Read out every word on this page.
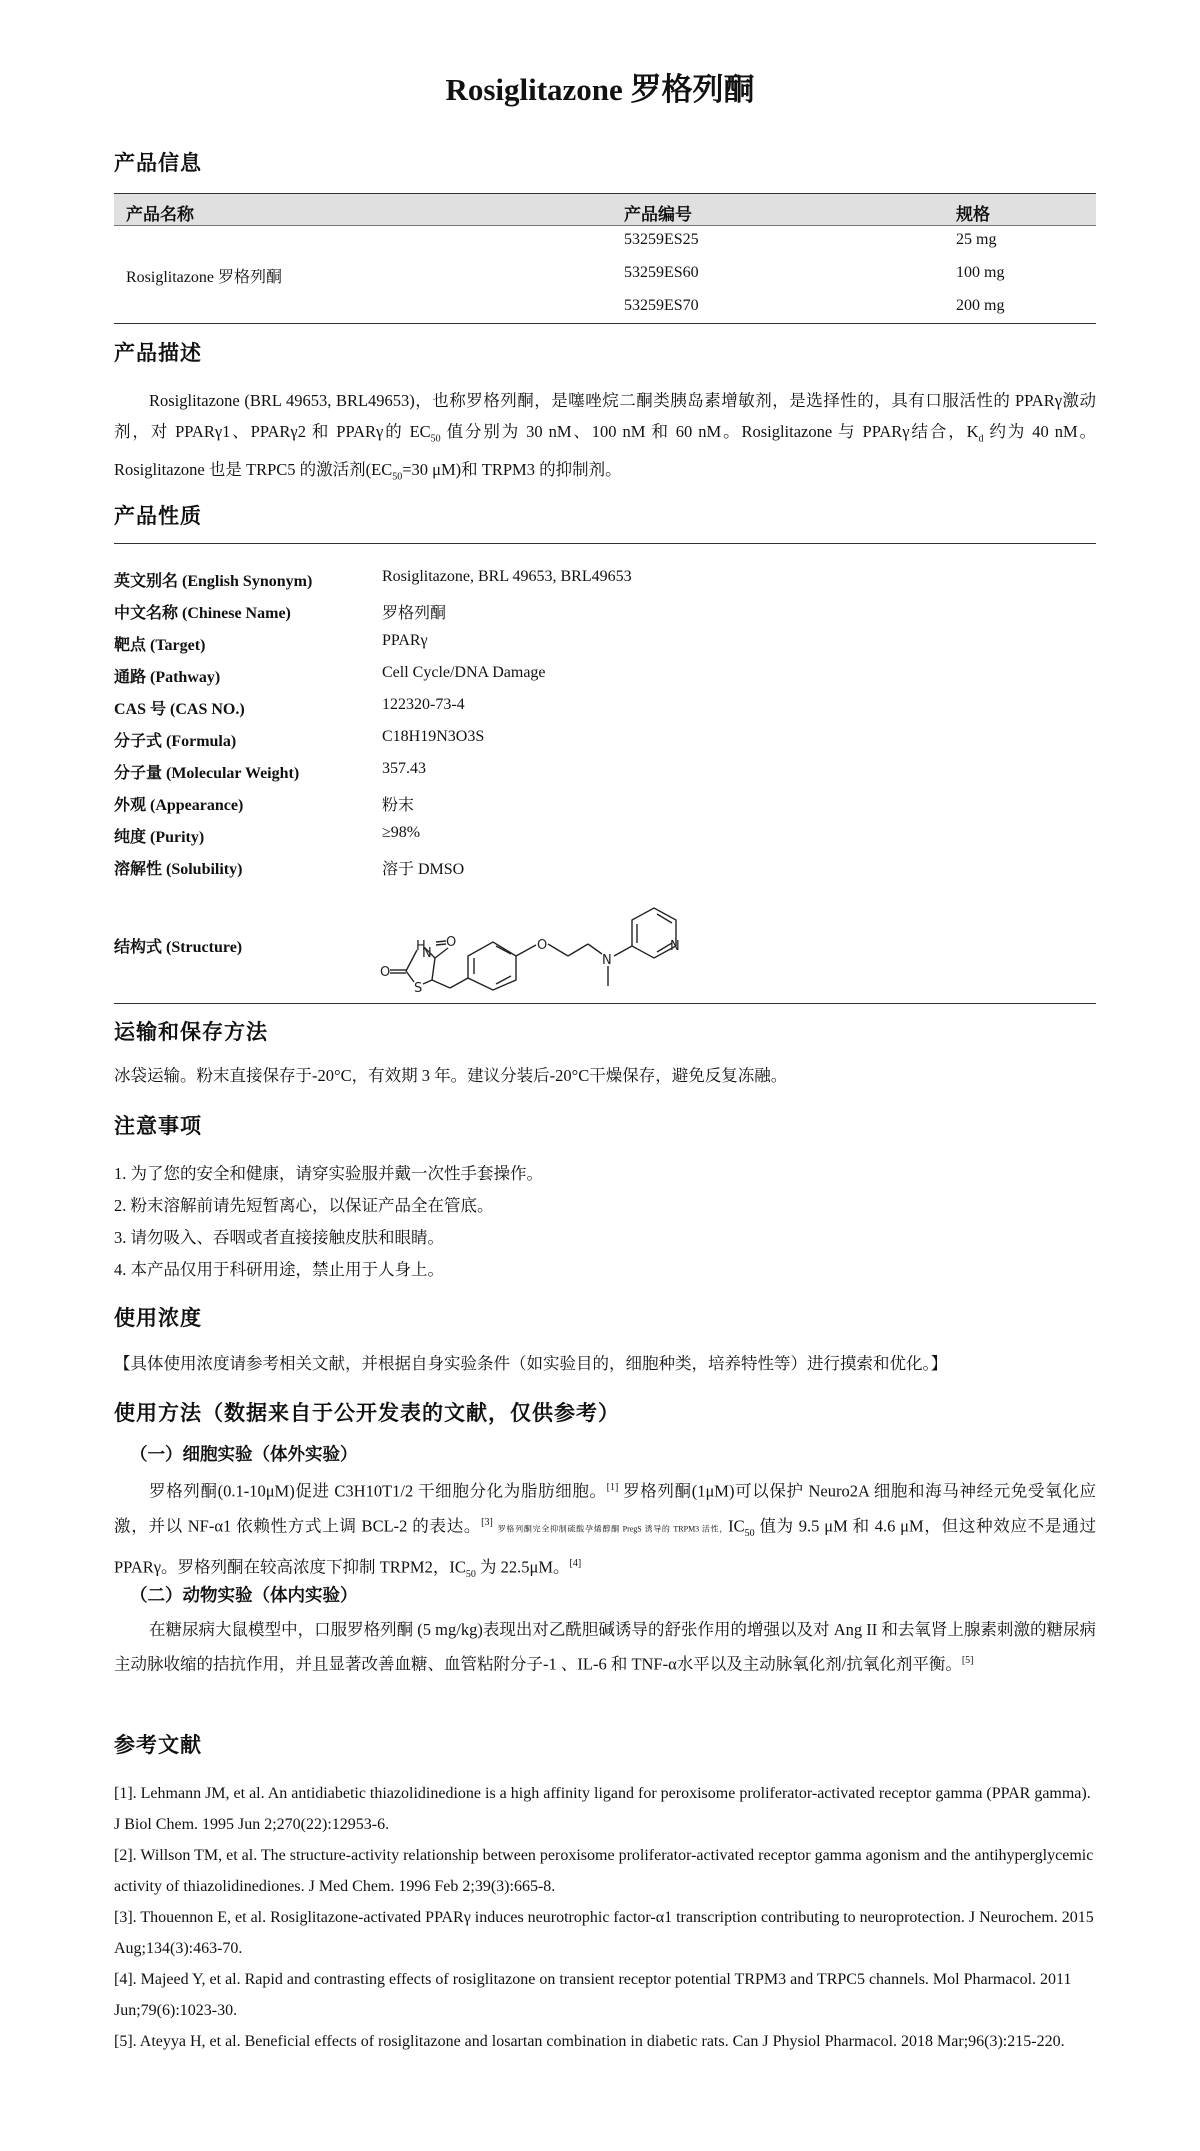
Rosiglitazone 罗格列酮
产品信息
产品名称	产品编号	规格
53259ES25	25 mg
Rosiglitazone 罗格列酮	53259ES60	100 mg
53259ES70	200 mg
产品描述
Rosiglitazone (BRL 49653, BRL49653)，也称罗格列酮，是噻唑烷二酮类胰岛素增敏剂，是选择性的，具有口服活性的 PPARγ激动剂，对 PPARγ1、PPARγ2 和 PPARγ的 $EC_{50}$ 值分别为 30 nM、100 nM 和 60 nM。Rosiglitazone 与 PPARγ结合，$K_d$ 约为 40 nM。Rosiglitazone 也是 TRPC5 的激活剂($EC_{50}=30$ μM)和 TRPM3 的抑制剂。
产品性质
英文别名 (English Synonym)	Rosiglitazone, BRL 49653, BRL49653
中文名称 (Chinese Name)	罗格列酮
靶点 (Target)	PPARγ
通路 (Pathway)	Cell Cycle/DNA Damage
CAS 号 (CAS NO.)	122320-73-4
分子式 (Formula)	C18H19N3O3S
分子量 (Molecular Weight)	357.43
外观 (Appearance)	粉末
纯度 (Purity)	≥98%
溶解性 (Solubility)	溶于 DMSO
结构式 (Structure)
O
H
N
O
S
O
N
N
运输和保存方法
冰袋运输。粉末直接保存于-20°C，有效期 3 年。建议分装后-20°C干燥保存，避免反复冻融。
注意事项
1. 为了您的安全和健康，请穿实验服并戴一次性手套操作。
2. 粉末溶解前请先短暂离心，以保证产品全在管底。
3. 请勿吸入、吞咽或者直接接触皮肤和眼睛。
4. 本产品仅用于科研用途，禁止用于人身上。
使用浓度
【具体使用浓度请参考相关文献，并根据自身实验条件（如实验目的，细胞种类，培养特性等）进行摸索和优化。】
使用方法（数据来自于公开发表的文献，仅供参考）
（一）细胞实验（体外实验）
罗格列酮(0.1-10μM)促进 C3H10T1/2 干细胞分化为脂肪细胞。[1] 罗格列酮(1μM)可以保护 Neuro2A 细胞和海马神经元免受氧化应激，并以 NF-α1 依赖性方式上调 BCL-2 的表达。[3] 罗格列酮完全抑制硫酸孕烯醇酮 PregS 诱导的 TRPM3 活性，$IC_{50}$ 值为 9.5 μM 和 4.6 μM，但这种效应不是通过 PPARγ。罗格列酮在较高浓度下抑制 TRPM2，$IC_{50}$ 为 22.5μM。[4]
（二）动物实验（体内实验）
在糖尿病大鼠模型中，口服罗格列酮 (5 mg/kg)表现出对乙酰胆碱诱导的舒张作用的增强以及对 Ang II 和去氧肾上腺素刺激的糖尿病主动脉收缩的拮抗作用，并且显著改善血糖、血管粘附分子-1 、IL-6 和 TNF-α水平以及主动脉氧化剂/抗氧化剂平衡。[5]
参考文献
[1]. Lehmann JM, et al. An antidiabetic thiazolidinedione is a high affinity ligand for peroxisome proliferator-activated receptor gamma (PPAR gamma). J Biol Chem. 1995 Jun 2;270(22):12953-6.
[2]. Willson TM, et al. The structure-activity relationship between peroxisome proliferator-activated receptor gamma agonism and the antihyperglycemic activity of thiazolidinediones. J Med Chem. 1996 Feb 2;39(3):665-8.
[3]. Thouennon E, et al. Rosiglitazone-activated PPARγ induces neurotrophic factor-α1 transcription contributing to neuroprotection. J Neurochem. 2015 Aug;134(3):463-70.
[4]. Majeed Y, et al. Rapid and contrasting effects of rosiglitazone on transient receptor potential TRPM3 and TRPC5 channels. Mol Pharmacol. 2011 Jun;79(6):1023-30.
[5]. Ateyya H, et al. Beneficial effects of rosiglitazone and losartan combination in diabetic rats. Can J Physiol Pharmacol. 2018 Mar;96(3):215-220.
